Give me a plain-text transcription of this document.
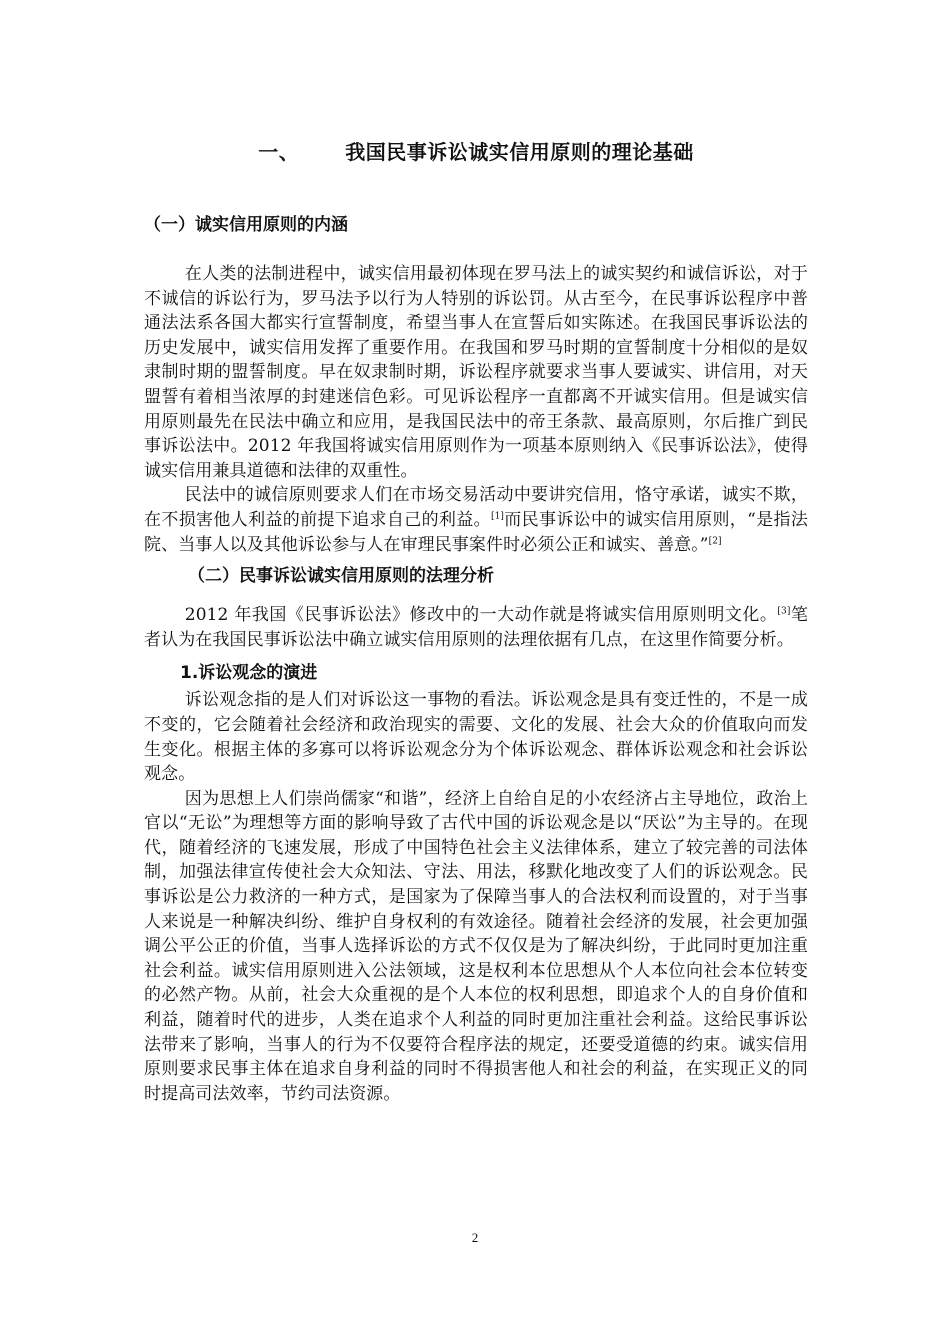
一、 我国民事诉讼诚实信用原则的理论基础
（一）诚实信用原则的内涵

在人类的法制进程中，诚实信用最初体现在罗马法上的诚实契约和诚信诉讼，对于不诚信的诉讼行为，罗马法予以行为人特别的诉讼罚。从古至今，在民事诉讼程序中普通法法系各国大都实行宣誓制度，希望当事人在宣誓后如实陈述。在我国民事诉讼法的历史发展中，诚实信用发挥了重要作用。在我国和罗马时期的宣誓制度十分相似的是奴隶制时期的盟誓制度。早在奴隶制时期，诉讼程序就要求当事人要诚实、讲信用，对天盟誓有着相当浓厚的封建迷信色彩。可见诉讼程序一直都离不开诚实信用。但是诚实信用原则最先在民法中确立和应用，是我国民法中的帝王条款、最高原则，尔后推广到民事诉讼法中。2012 年我国将诚实信用原则作为一项基本原则纳入《民事诉讼法》，使得诚实信用兼具道德和法律的双重性。

民法中的诚信原则要求人们在市场交易活动中要讲究信用，恪守承诺，诚实不欺，在不损害他人利益的前提下追求自己的利益。[1]而民事诉讼中的诚实信用原则，“是指法院、当事人以及其他诉讼参与人在审理民事案件时必须公正和诚实、善意。”[2]

（二）民事诉讼诚实信用原则的法理分析

2012 年我国《民事诉讼法》修改中的一大动作就是将诚实信用原则明文化。[3]笔者认为在我国民事诉讼法中确立诚实信用原则的法理依据有几点，在这里作简要分析。

1.诉讼观念的演进

诉讼观念指的是人们对诉讼这一事物的看法。诉讼观念是具有变迁性的，不是一成不变的，它会随着社会经济和政治现实的需要、文化的发展、社会大众的价值取向而发生变化。根据主体的多寡可以将诉讼观念分为个体诉讼观念、群体诉讼观念和社会诉讼观念。

因为思想上人们崇尚儒家“和谐”，经济上自给自足的小农经济占主导地位，政治上官以“无讼”为理想等方面的影响导致了古代中国的诉讼观念是以“厌讼”为主导的。在现代，随着经济的飞速发展，形成了中国特色社会主义法律体系，建立了较完善的司法体制，加强法律宣传使社会大众知法、守法、用法，移默化地改变了人们的诉讼观念。民事诉讼是公力救济的一种方式，是国家为了保障当事人的合法权利而设置的，对于当事人来说是一种解决纠纷、维护自身权利的有效途径。随着社会经济的发展，社会更加强调公平公正的价值，当事人选择诉讼的方式不仅仅是为了解决纠纷，于此同时更加注重社会利益。诚实信用原则进入公法领域，这是权利本位思想从个人本位向社会本位转变的必然产物。从前，社会大众重视的是个人本位的权利思想，即追求个人的自身价值和利益，随着时代的进步，人类在追求个人利益的同时更加注重社会利益。这给民事诉讼法带来了影响，当事人的行为不仅要符合程序法的规定，还要受道德的约束。诚实信用原则要求民事主体在追求自身利益的同时不得损害他人和社会的利益，在实现正义的同时提高司法效率，节约司法资源。

2
